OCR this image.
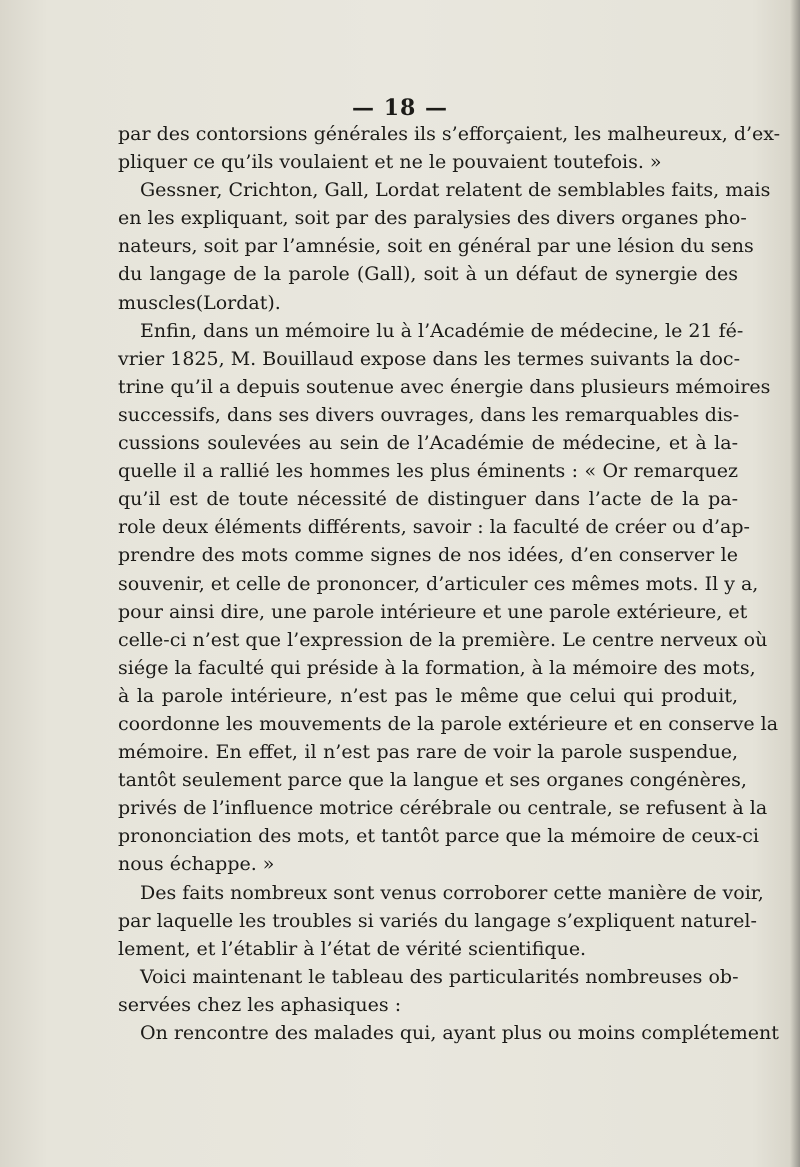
— 18 —
par des contorsions générales ils s’efforçaient, les malheureux, d’ex-
pliquer ce qu’ils voulaient et ne le pouvaient toutefois. »
Gessner, Crichton, Gall, Lordat relatent de semblables faits, mais
en les expliquant, soit par des paralysies des divers organes pho-
nateurs, soit par l’amnésie, soit en général par une lésion du sens
du langage de la parole (Gall), soit à un défaut de synergie des
muscles(Lordat).
Enfin, dans un mémoire lu à l’Académie de médecine, le 21 fé-
vrier 1825, M. Bouillaud expose dans les termes suivants la doc-
trine qu’il a depuis soutenue avec énergie dans plusieurs mémoires
successifs, dans ses divers ouvrages, dans les remarquables dis-
cussions soulevées au sein de l’Académie de médecine, et à la-
quelle il a rallié les hommes les plus éminents : « Or remarquez
qu’il est de toute nécessité de distinguer dans l’acte de la pa-
role deux éléments différents, savoir : la faculté de créer ou d’ap-
prendre des mots comme signes de nos idées, d’en conserver le
souvenir, et celle de prononcer, d’articuler ces mêmes mots. Il y a,
pour ainsi dire, une parole intérieure et une parole extérieure, et
celle-ci n’est que l’expression de la première. Le centre nerveux où
siége la faculté qui préside à la formation, à la mémoire des mots,
à la parole intérieure, n’est pas le même que celui qui produit,
coordonne les mouvements de la parole extérieure et en conserve la
mémoire. En effet, il n’est pas rare de voir la parole suspendue,
tantôt seulement parce que la langue et ses organes congénères,
privés de l’influence motrice cérébrale ou centrale, se refusent à la
prononciation des mots, et tantôt parce que la mémoire de ceux-ci
nous échappe. »
Des faits nombreux sont venus corroborer cette manière de voir,
par laquelle les troubles si variés du langage s’expliquent naturel-
lement, et l’établir à l’état de vérité scientifique.
Voici maintenant le tableau des particularités nombreuses ob-
servées chez les aphasiques :
On rencontre des malades qui, ayant plus ou moins complétement
